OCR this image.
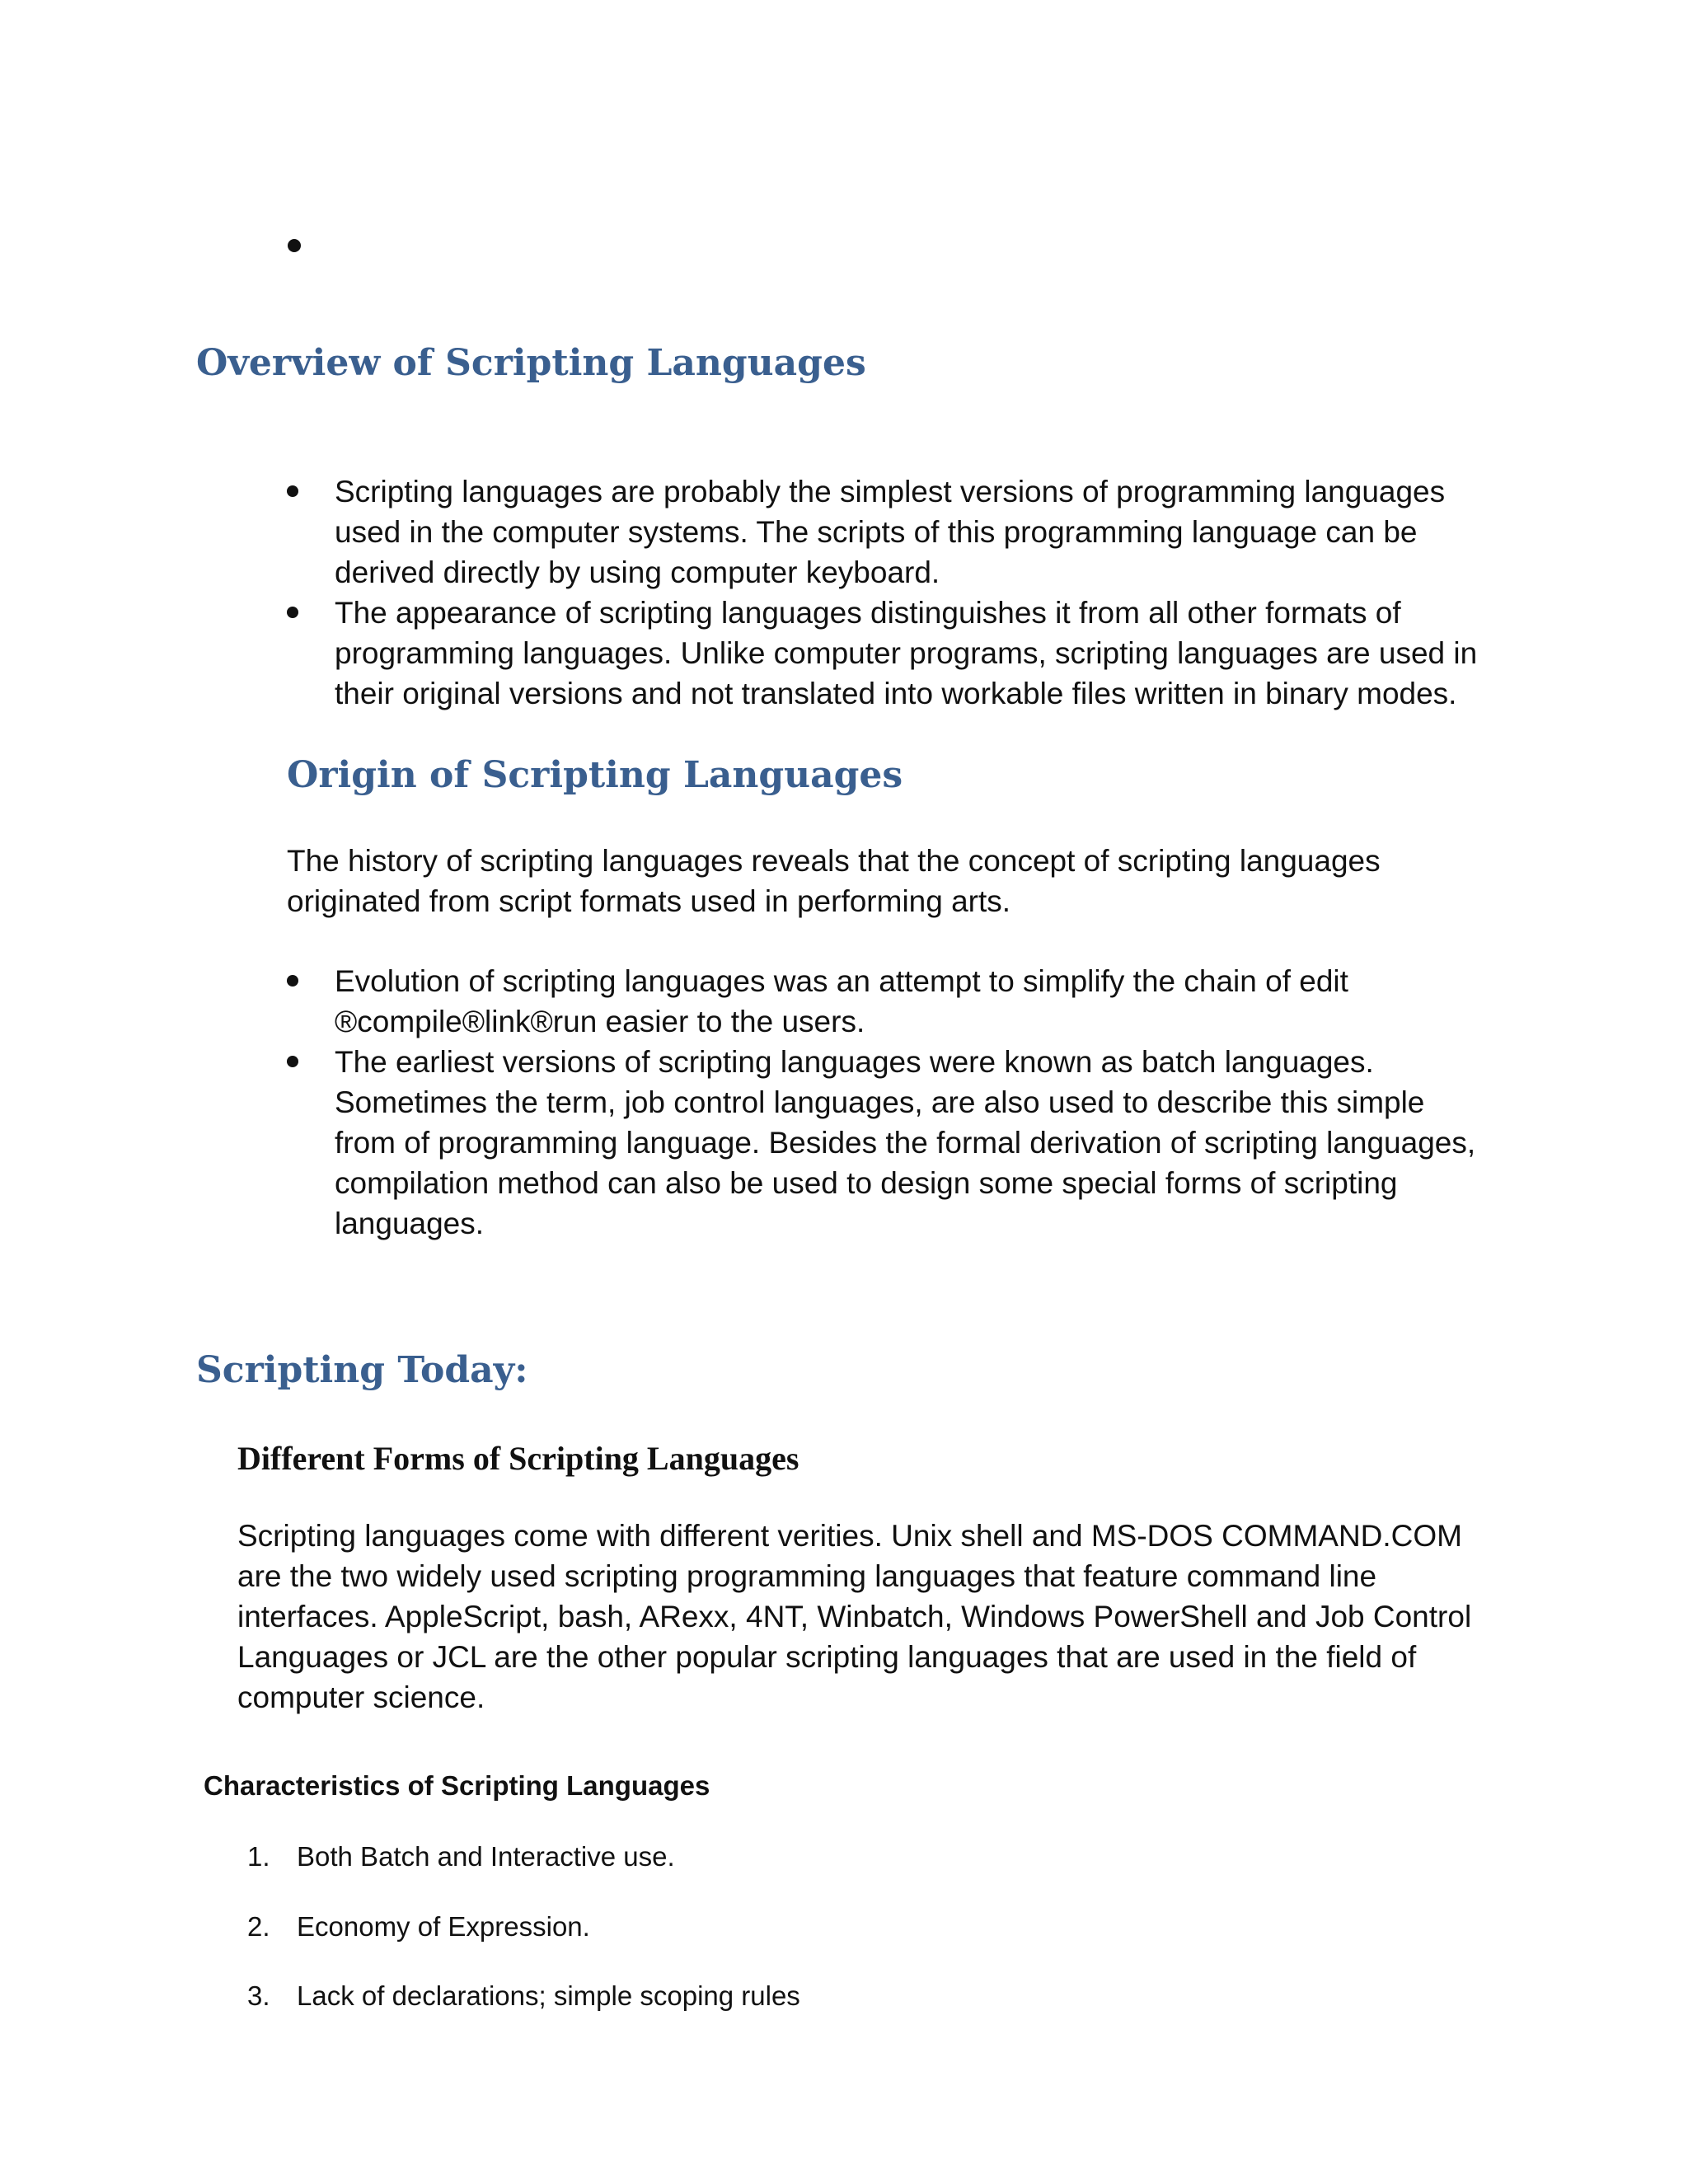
Overview of Scripting Languages
Scripting languages are probably the simplest versions of programming languages used in the computer systems. The scripts of this programming language can be derived directly by using computer keyboard.
The appearance of scripting languages distinguishes it from all other formats of programming languages. Unlike computer programs, scripting languages are used in their original versions and not translated into workable files written in binary modes.
Origin of Scripting Languages

The history of scripting languages reveals that the concept of scripting languages originated from script formats used in performing arts.

Evolution of scripting languages was an attempt to simplify the chain of edit ®compile®link®run easier to the users.
The earliest versions of scripting languages were known as batch languages. Sometimes the term, job control languages, are also used to describe this simple from of programming language. Besides the formal derivation of scripting languages, compilation method can also be used to design some special forms of scripting languages.
Scripting Today:
Different Forms of Scripting Languages

Scripting languages come with different verities. Unix shell and MS-DOS COMMAND.COM are the two widely used scripting programming languages that feature command line interfaces. AppleScript, bash, ARexx, 4NT, Winbatch, Windows PowerShell and Job Control Languages or JCL are the other popular scripting languages that are used in the field of computer science.

Characteristics of Scripting Languages
1. Both Batch and Interactive use.
2. Economy of Expression.
3. Lack of declarations; simple scoping rules
